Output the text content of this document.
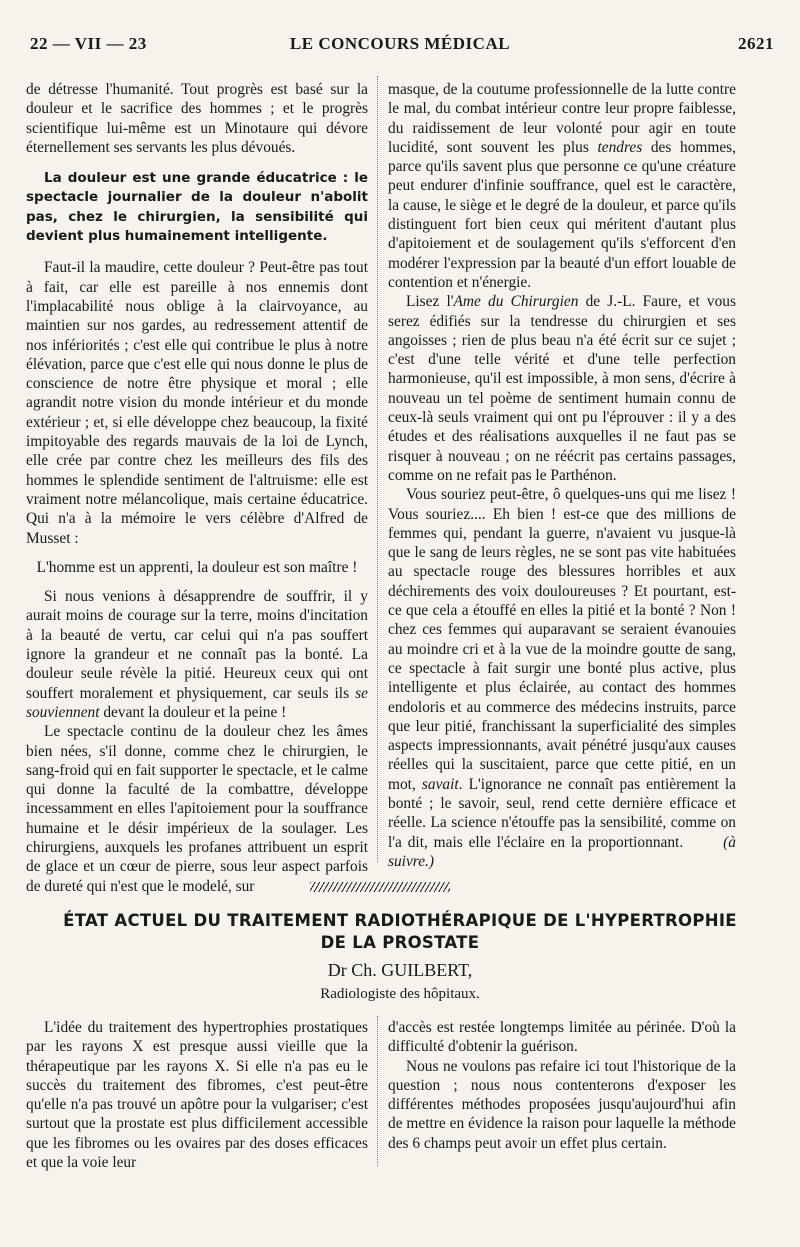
22 — VII — 23	LE CONCOURS MÉDICAL	2621

de détresse l'humanité. Tout progrès est basé sur la douleur et le sacrifice des hommes ; et le progrès scientifique lui-même est un Minotaure qui dévore éternellement ses servants les plus dévoués.

La douleur est une grande éducatrice : le spectacle journalier de la douleur n'abolit pas, chez le chirurgien, la sensibilité qui devient plus humainement intelligente.

Faut-il la maudire, cette douleur ? Peut-être pas tout à fait, car elle est pareille à nos ennemis dont l'implacabilité nous oblige à la clairvoyance, au maintien sur nos gardes, au redressement attentif de nos infériorités ; c'est elle qui contribue le plus à notre élévation, parce que c'est elle qui nous donne le plus de conscience de notre être physique et moral ; elle agrandit notre vision du monde intérieur et du monde extérieur ; et, si elle développe chez beaucoup, la fixité impitoyable des regards mauvais de la loi de Lynch, elle crée par contre chez les meilleurs des fils des hommes le splendide sentiment de l'altruisme: elle est vraiment notre mélancolique, mais certaine éducatrice. Qui n'a à la mémoire le vers célèbre d'Alfred de Musset :

L'homme est un apprenti, la douleur est son maître !

Si nous venions à désapprendre de souffrir, il y aurait moins de courage sur la terre, moins d'incitation à la beauté de vertu, car celui qui n'a pas souffert ignore la grandeur et ne connaît pas la bonté. La douleur seule révèle la pitié. Heureux ceux qui ont souffert moralement et physiquement, car seuls ils se souviennent devant la douleur et la peine !

Le spectacle continu de la douleur chez les âmes bien nées, s'il donne, comme chez le chirurgien, le sang-froid qui en fait supporter le spectacle, et le calme qui donne la faculté de la combattre, développe incessamment en elles l'apitoiement pour la souffrance humaine et le désir impérieux de la soulager. Les chirurgiens, auxquels les profanes attribuent un esprit de glace et un cœur de pierre, sous leur aspect parfois de dureté qui n'est que le modelé, sur

masque, de la coutume professionnelle de la lutte contre le mal, du combat intérieur contre leur propre faiblesse, du raidissement de leur volonté pour agir en toute lucidité, sont souvent les plus tendres des hommes, parce qu'ils savent plus que personne ce qu'une créature peut endurer d'infinie souffrance, quel est le caractère, la cause, le siège et le degré de la douleur, et parce qu'ils distinguent fort bien ceux qui méritent d'autant plus d'apitoiement et de soulagement qu'ils s'efforcent d'en modérer l'expression par la beauté d'un effort louable de contention et n'énergie.

Lisez l'Ame du Chirurgien de J.-L. Faure, et vous serez édifiés sur la tendresse du chirurgien et ses angoisses ; rien de plus beau n'a été écrit sur ce sujet ; c'est d'une telle vérité et d'une telle perfection harmonieuse, qu'il est impossible, à mon sens, d'écrire à nouveau un tel poème de sentiment humain connu de ceux-là seuls vraiment qui ont pu l'éprouver : il y a des études et des réalisations auxquelles il ne faut pas se risquer à nouveau ; on ne réécrit pas certains passages, comme on ne refait pas le Parthénon.

Vous souriez peut-être, ô quelques-uns qui me lisez ! Vous souriez.... Eh bien ! est-ce que des millions de femmes qui, pendant la guerre, n'avaient vu jusque-là que le sang de leurs règles, ne se sont pas vite habituées au spectacle rouge des blessures horribles et aux déchirements des voix douloureuses ? Et pourtant, est-ce que cela a étouffé en elles la pitié et la bonté ? Non ! chez ces femmes qui auparavant se seraient évanouies au moindre cri et à la vue de la moindre goutte de sang, ce spectacle à fait surgir une bonté plus active, plus intelligente et plus éclairée, au contact des hommes endoloris et au commerce des médecins instruits, parce que leur pitié, franchissant la superficialité des simples aspects impressionnants, avait pénétré jusqu'aux causes réelles qui la suscitaient, parce que cette pitié, en un mot, savait. L'ignorance ne connaît pas entièrement la bonté ; le savoir, seul, rend cette dernière efficace et réelle. La science n'étouffe pas la sensibilité, comme on l'a dit, mais elle l'éclaire en la proportionnant.	(à suivre.)

ÉTAT ACTUEL DU TRAITEMENT RADIOTHÉRAPIQUE DE L'HYPERTROPHIE
DE LA PROSTATE
Dr Ch. GUILBERT,
Radiologiste des hôpitaux.

L'idée du traitement des hypertrophies prostatiques par les rayons X est presque aussi vieille que la thérapeutique par les rayons X. Si elle n'a pas eu le succès du traitement des fibromes, c'est peut-être qu'elle n'a pas trouvé un apôtre pour la vulgariser; c'est surtout que la prostate est plus difficilement accessible que les fibromes ou les ovaires par des doses efficaces et que la voie leur

d'accès est restée longtemps limitée au périnée. D'où la difficulté d'obtenir la guérison.

Nous ne voulons pas refaire ici tout l'historique de la question ; nous nous contenterons d'exposer les différentes méthodes proposées jusqu'aujourd'hui afin de mettre en évidence la raison pour laquelle la méthode des 6 champs peut avoir un effet plus certain.
